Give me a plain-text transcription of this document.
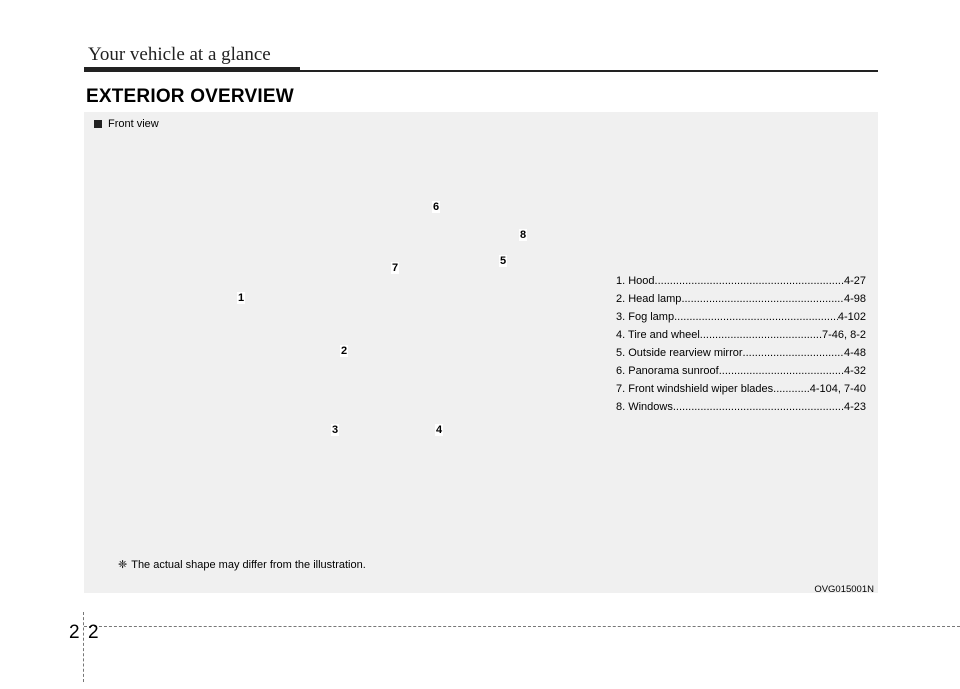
Your vehicle at a glance
EXTERIOR OVERVIEW
Front view
1
2
3	4
5
6
7
8
1. Hood .....	4-27
2. Head lamp .....	4-98
3. Fog lamp .....	4-102
4. Tire and wheel .....	7-46, 8-2
5. Outside rearview mirror .....	4-48
6. Panorama sunroof .....	4-32
7. Front windshield wiper blades .....	4-104, 7-40
8. Windows .....	4-23
❈ The actual shape may differ from the illustration.
OVG015001N
2 2
